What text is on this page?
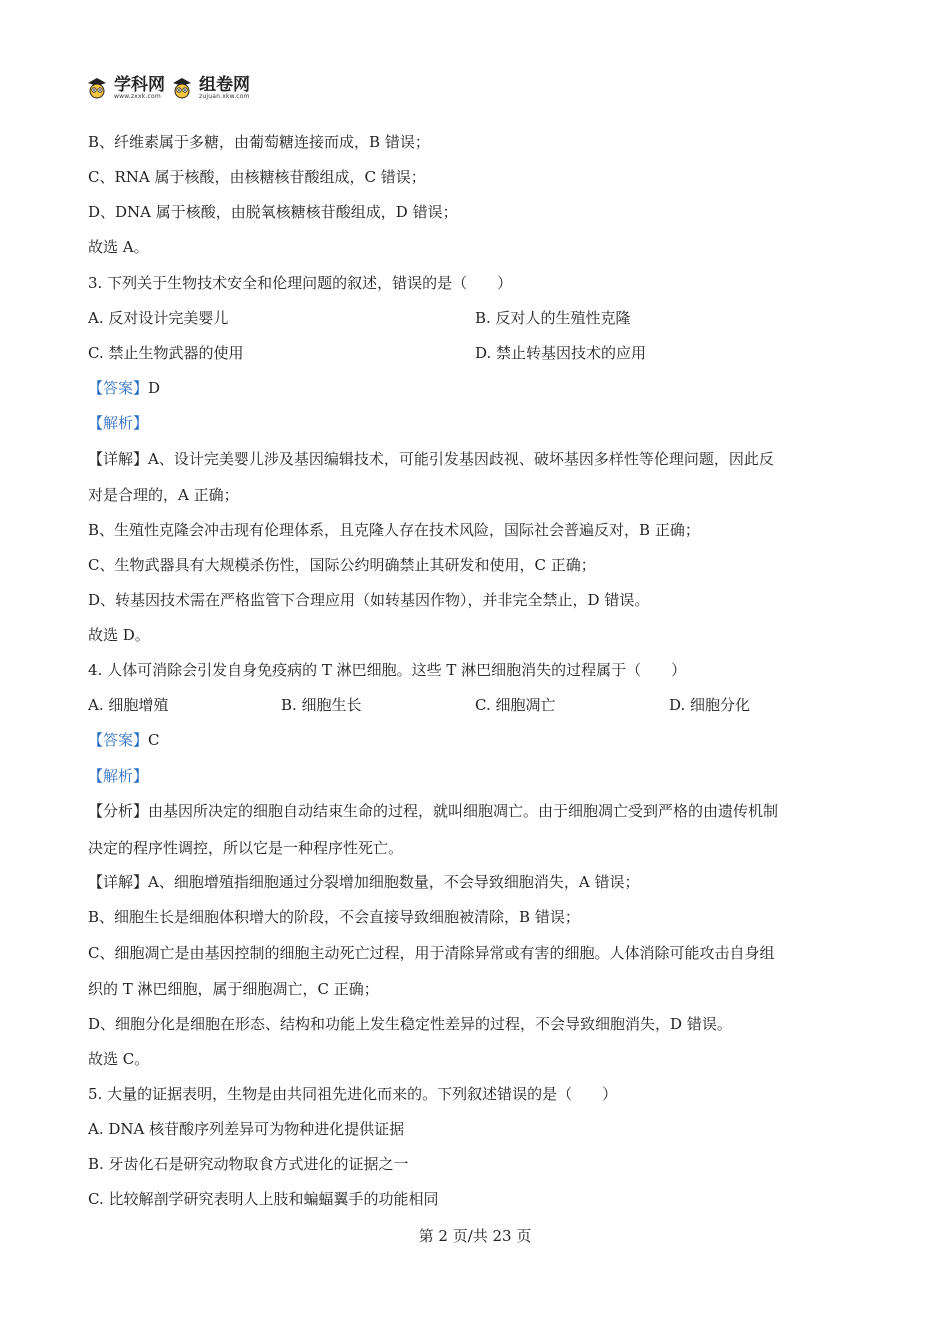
学科网
www.zxxk.com
组卷网
zujuan.xkw.com
B、纤维素属于多糖，由葡萄糖连接而成，B 错误；
C、RNA 属于核酸，由核糖核苷酸组成，C 错误；
D、DNA 属于核酸，由脱氧核糖核苷酸组成，D 错误；
故选 A。
3. 下列关于生物技术安全和伦理问题的叙述，错误的是（　　）
A. 反对设计完美婴儿	B. 反对人的生殖性克隆
C. 禁止生物武器的使用	D. 禁止转基因技术的应用
【答案】D
【解析】
【详解】A、设计完美婴儿涉及基因编辑技术，可能引发基因歧视、破坏基因多样性等伦理问题，因此反
对是合理的，A 正确；
B、生殖性克隆会冲击现有伦理体系，且克隆人存在技术风险，国际社会普遍反对，B 正确；
C、生物武器具有大规模杀伤性，国际公约明确禁止其研发和使用，C 正确；
D、转基因技术需在严格监管下合理应用（如转基因作物），并非完全禁止，D 错误。
故选 D。
4. 人体可消除会引发自身免疫病的 T 淋巴细胞。这些 T 淋巴细胞消失的过程属于（　　）
A. 细胞增殖	B. 细胞生长	C. 细胞凋亡	D. 细胞分化
【答案】C
【解析】
【分析】由基因所决定的细胞自动结束生命的过程，就叫细胞凋亡。由于细胞凋亡受到严格的由遗传机制
决定的程序性调控，所以它是一种程序性死亡。
【详解】A、细胞增殖指细胞通过分裂增加细胞数量，不会导致细胞消失，A 错误；
B、细胞生长是细胞体积增大的阶段，不会直接导致细胞被清除，B 错误；
C、细胞凋亡是由基因控制的细胞主动死亡过程，用于清除异常或有害的细胞。人体消除可能攻击自身组
织的 T 淋巴细胞，属于细胞凋亡，C 正确；
D、细胞分化是细胞在形态、结构和功能上发生稳定性差异的过程，不会导致细胞消失，D 错误。
故选 C。
5. 大量的证据表明，生物是由共同祖先进化而来的。下列叙述错误的是（　　）
A. DNA 核苷酸序列差异可为物种进化提供证据
B. 牙齿化石是研究动物取食方式进化的证据之一
C. 比较解剖学研究表明人上肢和蝙蝠翼手的功能相同
第 2 页/共 23 页
